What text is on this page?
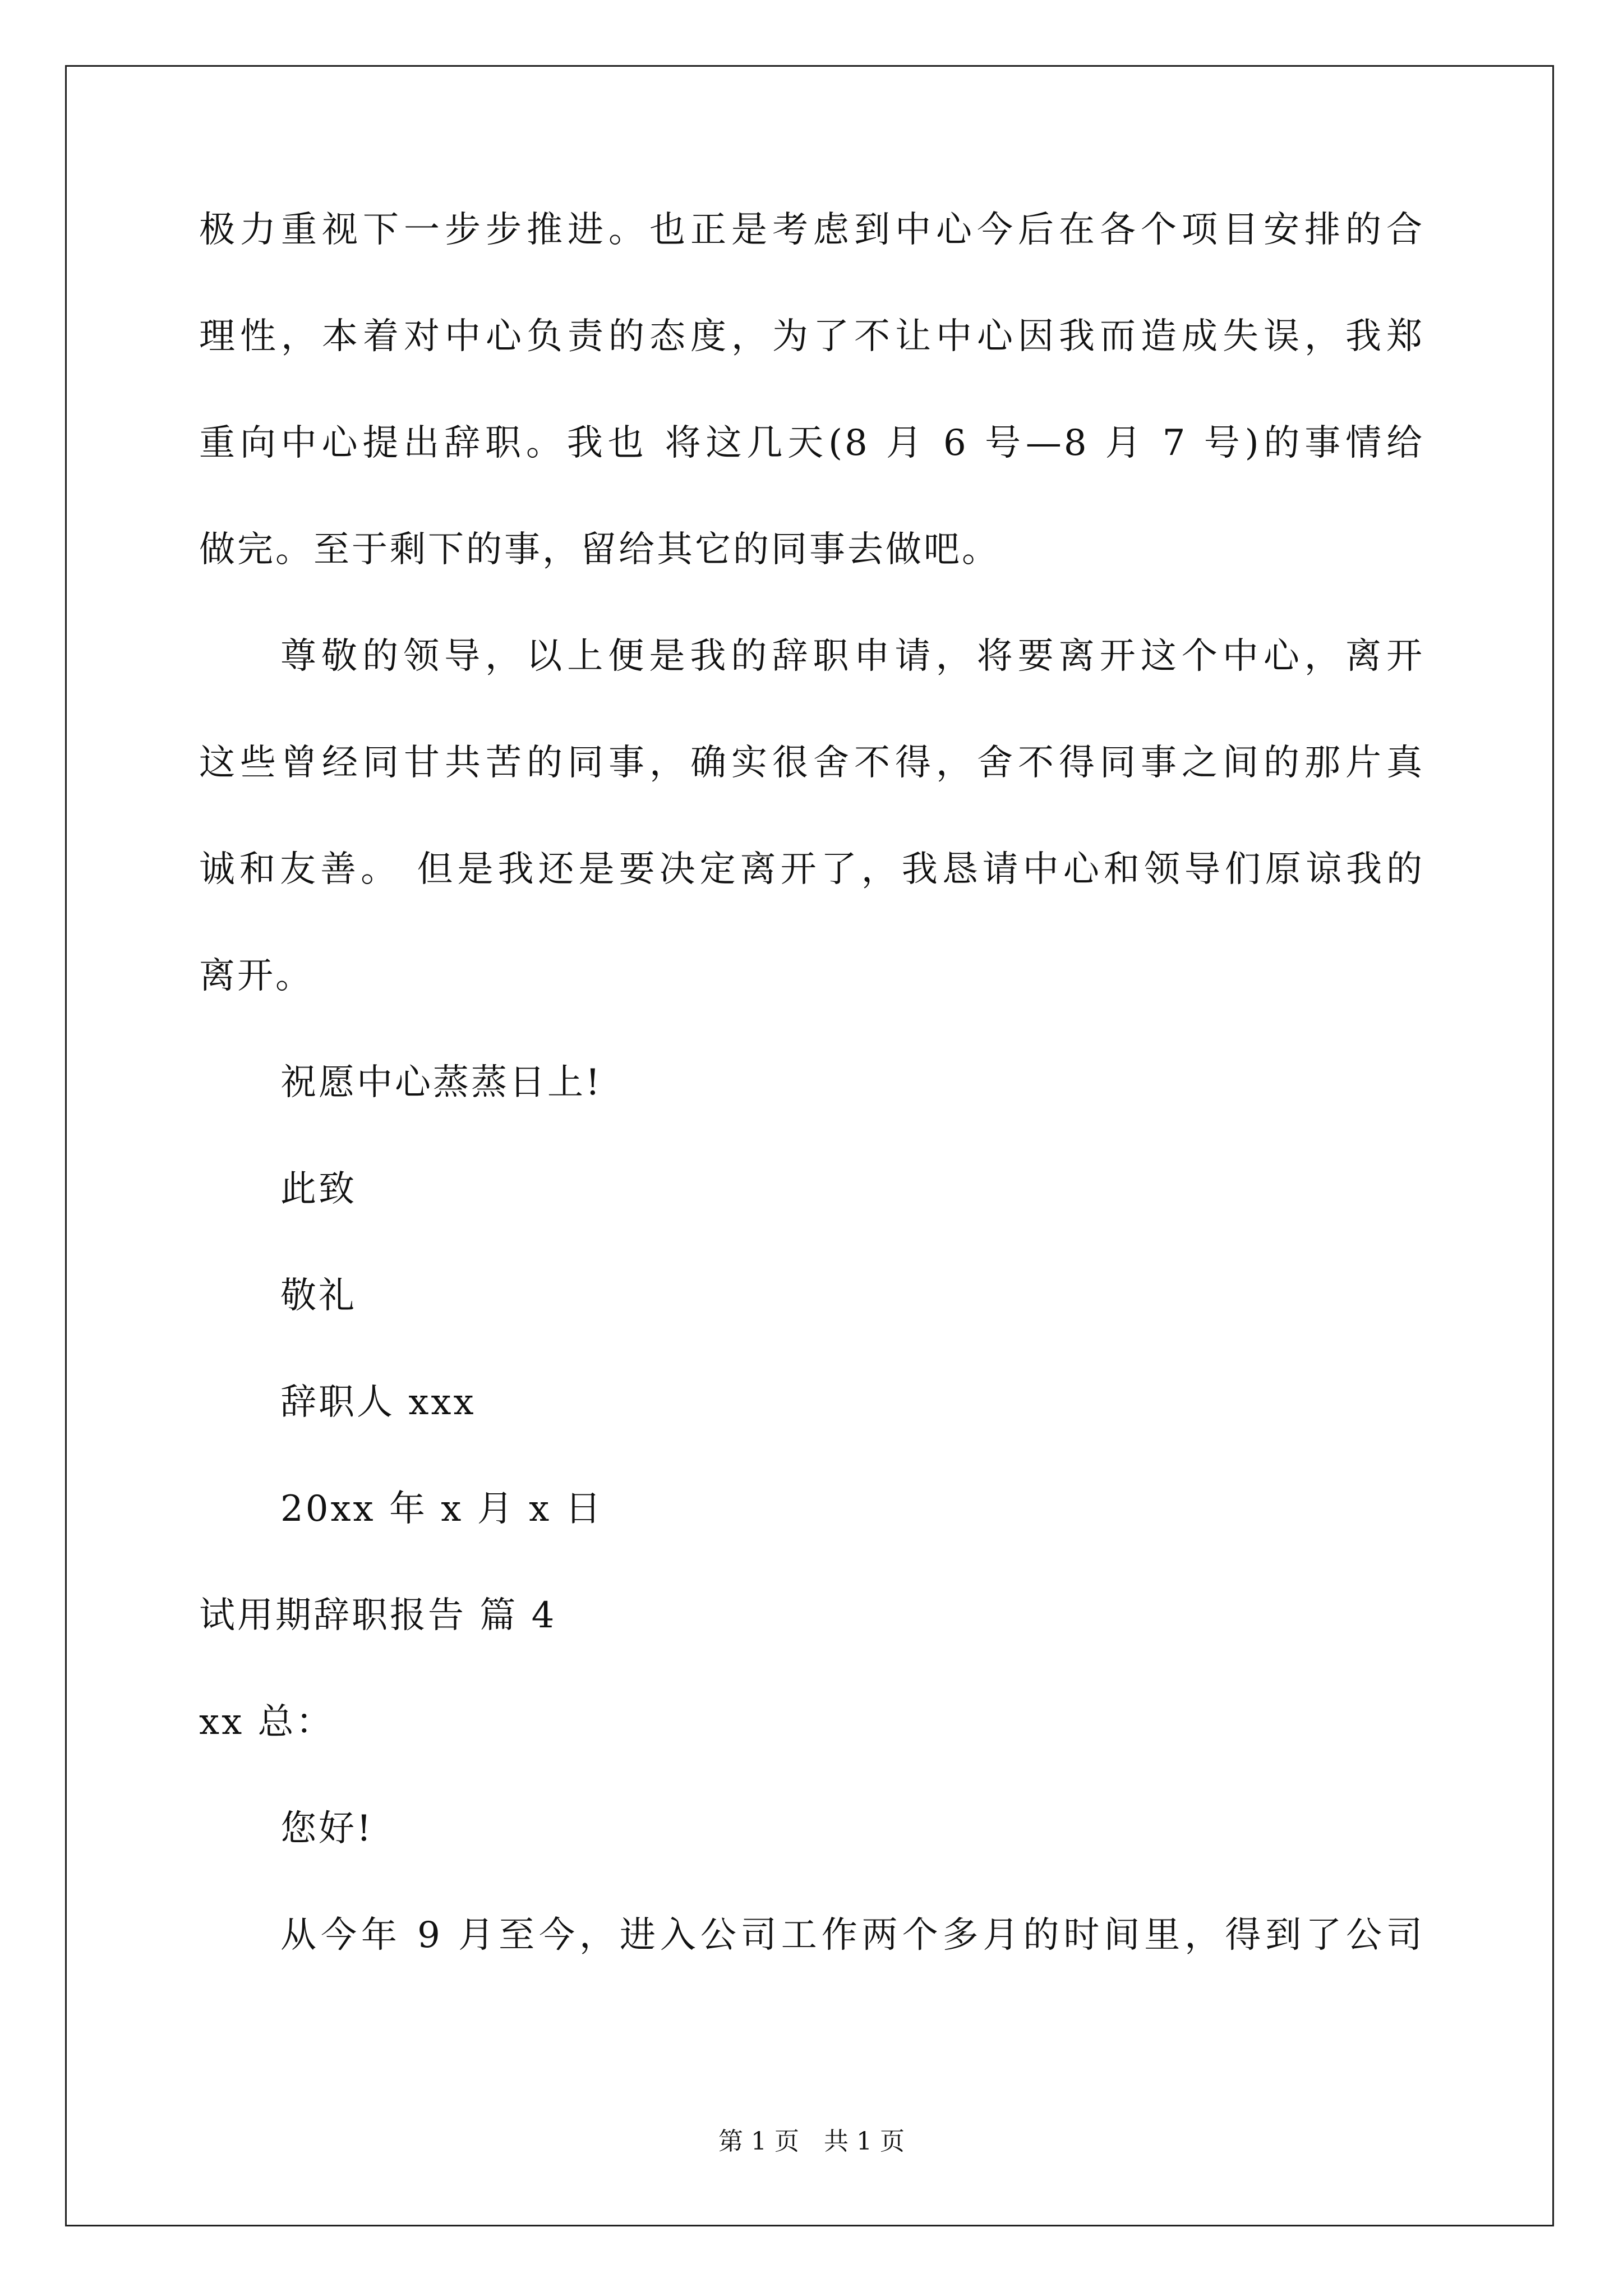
极力重视下一步步推进。也正是考虑到中心今后在各个项目安排的合
理性，本着对中心负责的态度，为了不让中心因我而造成失误，我郑
重向中心提出辞职。我也 将这几天(8 月 6 号—8 月 7 号)的事情给
做完。至于剩下的事，留给其它的同事去做吧。
尊敬的领导，以上便是我的辞职申请，将要离开这个中心，离开
这些曾经同甘共苦的同事，确实很舍不得，舍不得同事之间的那片真
诚和友善。 但是我还是要决定离开了，我恳请中心和领导们原谅我的
离开。
祝愿中心蒸蒸日上!
此致
敬礼
辞职人 xxx
20xx 年 x 月 x 日
试用期辞职报告 篇 4
xx 总：
您好!
从今年 9 月至今，进入公司工作两个多月的时间里，得到了公司
第 1 页　共 1 页
